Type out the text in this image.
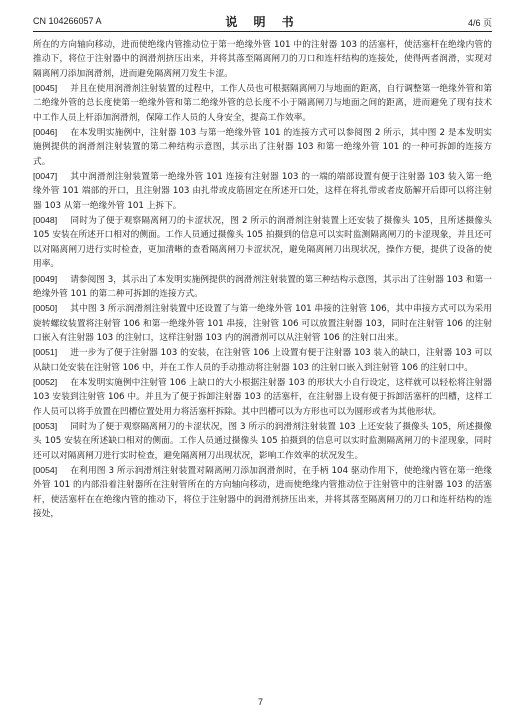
CN 104266057 A	说 明 书	4/6 页

所在的方向轴向移动，进而使绝缘内管推动位于第一绝缘外管 101 中的注射器 103 的活塞杆，使活塞杆在绝缘内管的推动下，将位于注射器中的润滑剂挤压出来，并将其落至隔离闸刀的刀口和连杆结构的连接处，使得两者润滑，实现对隔离闸刀添加润滑剂，进而避免隔离闸刀发生卡涩。

[0045]   并且在使用润滑剂注射装置的过程中，工作人员也可根据隔离闸刀与地面的距离，自行调整第一绝缘外管和第二绝缘外管的总长度使第一绝缘外管和第二绝缘外管的总长度不小于隔离闸刀与地面之间的距离，进而避免了现有技术中工作人员上杆添加润滑剂，保障工作人员的人身安全，提高工作效率。

[0046]   在本发明实施例中，注射器 103 与第一绝缘外管 101 的连接方式可以参阅图 2 所示，其中图 2 是本发明实施例提供的润滑剂注射装置的第二种结构示意图，其示出了注射器 103 和第一绝缘外管 101 的一种可拆卸的连接方式。

[0047]   其中润滑剂注射装置第一绝缘外管 101 连接有注射器 103 的一端的端部设置有便于注射器 103 装入第一绝缘外管 101 端部的开口，且注射器 103 由扎带或皮筋固定在所述开口处，这样在将扎带或者皮筋解开后即可以将注射器 103 从第一绝缘外管 101 上拆下。

[0048]   同时为了便于观察隔离闸刀的卡涩状况，图 2 所示的润滑剂注射装置上还安装了摄像头 105，且所述摄像头 105 安装在所述开口相对的侧面。工作人员通过摄像头 105 拍摄到的信息可以实时监测隔离闸刀的卡涩现象，并且还可以对隔离闸刀进行实时检查，更加清晰的查看隔离闸刀卡涩状况，避免隔离闸刀出现状况，操作方便，提供了设备的使用率。

[0049]   请参阅图 3，其示出了本发明实施例提供的润滑剂注射装置的第三种结构示意图，其示出了注射器 103 和第一绝缘外管 101 的第二种可拆卸的连接方式。

[0050]   其中图 3 所示润滑剂注射装置中还设置了与第一绝缘外管 101 串接的注射管 106，其中串接方式可以为采用旋转螺纹装置将注射管 106 和第一绝缘外管 101 串接，注射管 106 可以放置注射器 103，同时在注射管 106 的注射口嵌入有注射器 103 的注射口，这样注射器 103 内的润滑剂可以从注射管 106 的注射口出来。

[0051]   进一步为了便于注射器 103 的安装，在注射管 106 上设置有便于注射器 103 装入的缺口，注射器 103 可以从缺口处安装在注射管 106 中，并在工作人员的手动推动将注射器 103 的注射口嵌入到注射管 106 的注射口中。

[0052]   在本发明实施例中注射管 106 上缺口的大小根据注射器 103 的形状大小自行设定，这样就可以轻松将注射器 103 安装到注射管 106 中。并且为了便于拆卸注射器 103 的活塞杆，在注射器上设有便于拆卸活塞杆的凹槽，这样工作人员可以将手放置在凹槽位置处用力将活塞杆拆除。其中凹槽可以为方形也可以为圆形或者为其他形状。

[0053]   同时为了便于观察隔离闸刀的卡涩状况，图 3 所示的润滑剂注射装置 103 上还安装了摄像头 105，所述摄像头 105 安装在所述缺口相对的侧面。工作人员通过摄像头 105 拍摄到的信息可以实时监测隔离闸刀的卡涩现象，同时还可以对隔离闸刀进行实时检查，避免隔离闸刀出现状况，影响工作效率的状况发生。

[0054]   在利用图 3 所示润滑剂注射装置对隔离闸刀添加润滑剂时，在手柄 104 驱动作用下，使绝缘内管在第一绝缘外管 101 的内部沿着注射器所在注射管所在的方向轴向移动，进而使绝缘内管推动位于注射管中的注射器 103 的活塞杆，使活塞杆在在绝缘内管的推动下，将位于注射器中的润滑剂挤压出来，并将其落至隔离闸刀的刀口和连杆结构的连接处，

7
